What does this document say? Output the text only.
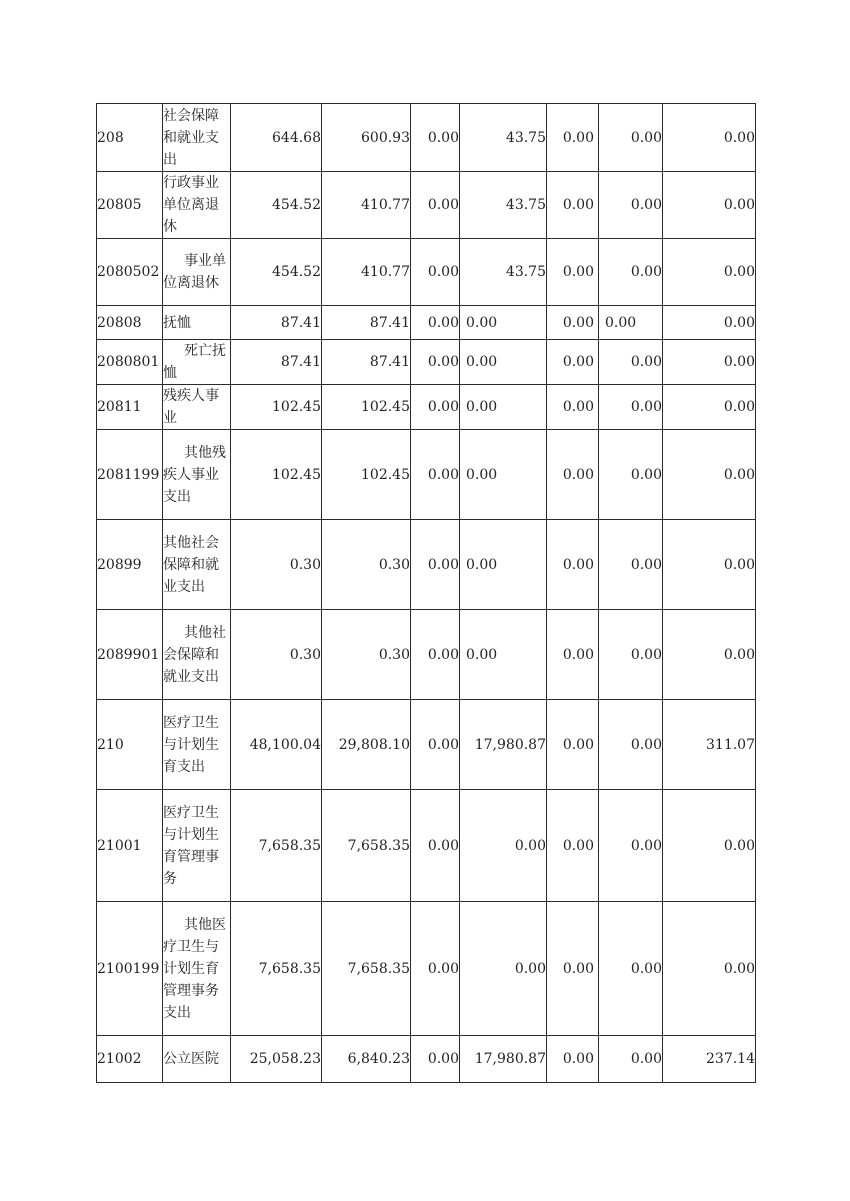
208	社会保障和就业支出	644.68	600.93	0.00	43.75	0.00	0.00	0.00
20805	行政事业单位离退休	454.52	410.77	0.00	43.75	0.00	0.00	0.00
2080502	事业单位离退休	454.52	410.77	0.00	43.75	0.00	0.00	0.00
20808	抚恤	87.41	87.41	0.00	0.00	0.00	0.00	0.00
2080801	死亡抚恤	87.41	87.41	0.00	0.00	0.00	0.00	0.00
20811	残疾人事业	102.45	102.45	0.00	0.00	0.00	0.00	0.00
2081199	其他残疾人事业支出	102.45	102.45	0.00	0.00	0.00	0.00	0.00
20899	其他社会保障和就业支出	0.30	0.30	0.00	0.00	0.00	0.00	0.00
2089901	其他社会保障和就业支出	0.30	0.30	0.00	0.00	0.00	0.00	0.00
210	医疗卫生与计划生育支出	48,100.04	29,808.10	0.00	17,980.87	0.00	0.00	311.07
21001	医疗卫生与计划生育管理事务	7,658.35	7,658.35	0.00	0.00	0.00	0.00	0.00
2100199	其他医疗卫生与计划生育管理事务支出	7,658.35	7,658.35	0.00	0.00	0.00	0.00	0.00
21002	公立医院	25,058.23	6,840.23	0.00	17,980.87	0.00	0.00	237.14
